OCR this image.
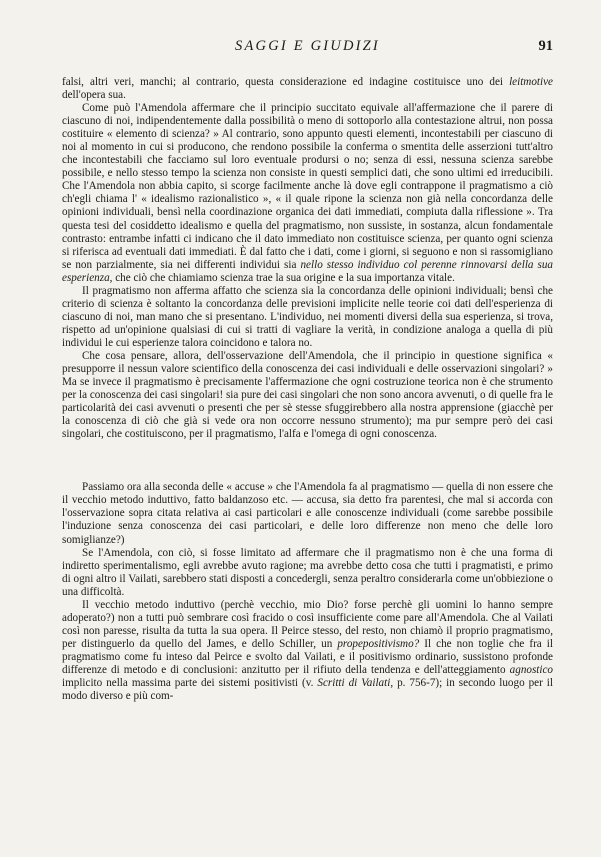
SAGGI E GIUDIZI	91

falsi, altri veri, manchi; al contrario, questa considerazione ed indagine costituisce uno dei leitmotive dell'opera sua.

Come può l'Amendola affermare che il principio succitato equivale all'affermazione che il parere di ciascuno di noi, indipendentemente dalla possibilità o meno di sottoporlo alla contestazione altrui, non possa costituire « elemento di scienza? » Al contrario, sono appunto questi elementi, incontestabili per ciascuno di noi al momento in cui si producono, che rendono possibile la conferma o smentita delle asserzioni tutt'altro che incontestabili che facciamo sul loro eventuale prodursi o no; senza di essi, nessuna scienza sarebbe possibile, e nello stesso tempo la scienza non consiste in questi semplici dati, che sono ultimi ed irreducibili. Che l'Amendola non abbia capito, si scorge facilmente anche là dove egli contrappone il pragmatismo a ciò ch'egli chiama l' « idealismo razionalistico », « il quale ripone la scienza non già nella concordanza delle opinioni individuali, bensì nella coordinazione organica dei dati immediati, compiuta dalla riflessione ». Tra questa tesi del cosiddetto idealismo e quella del pragmatismo, non sussiste, in sostanza, alcun fondamentale contrasto: entrambe infatti ci indicano che il dato immediato non costituisce scienza, per quanto ogni scienza si riferisca ad eventuali dati immediati. È dal fatto che i dati, come i giorni, si seguono e non si rassomigliano se non parzialmente, sia nei differenti individui sia nello stesso individuo col perenne rinnovarsi della sua esperienza, che ciò che chiamiamo scienza trae la sua origine e la sua importanza vitale.

Il pragmatismo non afferma affatto che scienza sia la concordanza delle opinioni individuali; bensì che criterio di scienza è soltanto la concordanza delle previsioni implicite nelle teorie coi dati dell'esperienza di ciascuno di noi, man mano che si presentano. L'individuo, nei momenti diversi della sua esperienza, si trova, rispetto ad un'opinione qualsiasi di cui si tratti di vagliare la verità, in condizione analoga a quella di più individui le cui esperienze talora coincidono e talora no.

Che cosa pensare, allora, dell'osservazione dell'Amendola, che il principio in questione significa « presupporre il nessun valore scientifico della conoscenza dei casi individuali e delle osservazioni singolari? » Ma se invece il pragmatismo è precisamente l'affermazione che ogni costruzione teorica non è che strumento per la conoscenza dei casi singolari! sia pure dei casi singolari che non sono ancora avvenuti, o di quelle fra le particolarità dei casi avvenuti o presenti che per sè stesse sfuggirebbero alla nostra apprensione (giacchè per la conoscenza di ciò che già si vede ora non occorre nessuno strumento); ma pur sempre però dei casi singolari, che costituiscono, per il pragmatismo, l'alfa e l'omega di ogni conoscenza.

Passiamo ora alla seconda delle « accuse » che l'Amendola fa al pragmatismo — quella di non essere che il vecchio metodo induttivo, fatto baldanzoso etc. — accusa, sia detto fra parentesi, che mal si accorda con l'osservazione sopra citata relativa ai casi particolari e alle conoscenze individuali (come sarebbe possibile l'induzione senza conoscenza dei casi particolari, e delle loro differenze non meno che delle loro somiglianze?)

Se l'Amendola, con ciò, si fosse limitato ad affermare che il pragmatismo non è che una forma di indiretto sperimentalismo, egli avrebbe avuto ragione; ma avrebbe detto cosa che tutti i pragmatisti, e primo di ogni altro il Vailati, sarebbero stati disposti a concedergli, senza peraltro considerarla come un'obbiezione o una difficoltà.

Il vecchio metodo induttivo (perchè vecchio, mio Dio? forse perchè gli uomini lo hanno sempre adoperato?) non a tutti può sembrare così fracido o così insufficiente come pare all'Amendola. Che al Vailati così non paresse, risulta da tutta la sua opera. Il Peirce stesso, del resto, non chiamò il proprio pragmatismo, per distinguerlo da quello del James, e dello Schiller, un propepositivismo? Il che non toglie che fra il pragmatismo come fu inteso dal Peirce e svolto dal Vailati, e il positivismo ordinario, sussistono profonde differenze di metodo e di conclusioni: anzitutto per il rifiuto della tendenza e dell'atteggiamento agnostico implicito nella massima parte dei sistemi positivisti (v. Scritti di Vailati, p. 756-7); in secondo luogo per il modo diverso e più com-
